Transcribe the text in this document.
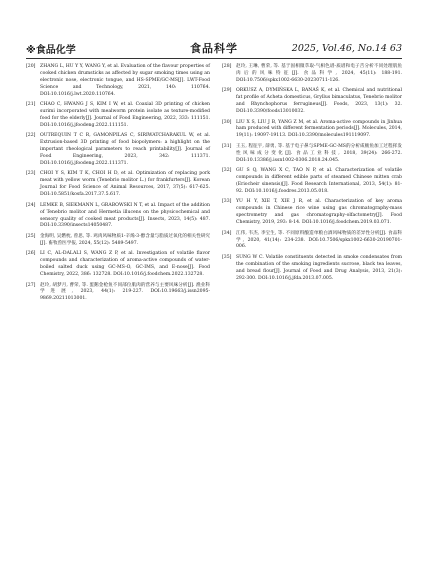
※食品化学	食品科学	2025, Vol.46, No.14 63
[20] ZHANG L, HU Y Y, WANG Y, et al. Evaluation of the flavour properties of cooked chicken drumsticks as affected by sugar smoking times using an electronic nose, electronic tongue, and HS-SPME/GC-MS[J]. LWT-Food Science and Technology, 2021, 140: 110764. DOI:10.1016/j.lwt.2020.110764.
[21] CHAO C, HWANG J S, KIM I W, et al. Coaxial 3D printing of chicken surimi incorporated with mealworm protein isolate as texture-modified food for the elderly[J]. Journal of Food Engineering, 2022, 333: 111151. DOI:10.1016/j.jfoodeng.2022.111151.
[22] OUTREQUIN T C R, GAMONPILAS C, SIRIWATCHARAKUL W, et al. Extrusion-based 3D printing of food biopolymers: a highlight on the important rheological parameters to reach printability[J]. Journal of Food Engineering, 2023, 342: 111371. DOI:10.1016/j.jfoodeng.2022.111371.
[23] CHOI Y S, KIM T K, CHOI H D, et al. Optimization of replacing pork meat with yellow worm (Tenebrio molitor L.) for frankfurters[J]. Korean Journal for Food Science of Animal Resources, 2017, 37(5): 617-625. DOI:10.5851/kosfa.2017.37.5.617.
[24] LEMKE B, SIEKMANN L, GRABOWSKI N T, et al. Impact of the addition of Tenebrio molitor and Hermetia illucens on the physicochemical and sensory quality of cooked meat products[J]. Insects, 2023, 14(5): 487. DOI:10.3390/insects14050487.
[25] 金海明, 吴燃枕, 曾思, 等. 鸡肉风味物质1-辛烯-3-醇含量与脂质过氧化的相关性研究[J]. 畜牧兽医学报, 2024, 55(12): 5489-5497.
[26] LI C, AL-DALALI S, WANG Z P, et al. Investigation of volatile flavor compounds and characterization of aroma-active compounds of water-boiled salted duck using GC-MS-O, GC-IMS, and E-nose[J]. Food Chemistry, 2022, 386: 132728. DOI:10.1016/j.foodchem.2022.132728.
[27] 赵玲, 胡梦月, 曹荣, 等. 蛋鹅金枪鱼不同部位肌肉的营养与主要风味分析[J]. 渔业科学进展, 2023, 44(1): 219-227. DOI:10.19663/j.issn2095-9869.20211013001.
[28] 赵玲, 王琳, 曹荣, 等. 基于固相微萃取-气相色谱-质谱和电子舌分析不同处理肌鱼肉后的风味特征[J]. 食品科学, 2024, 45(11): 188-191. DOI:10.7506/spkx1002-6630-20230711-126.
[29] ORKUSZ A, DYMIŃSKA L, BANAŚ K, et al. Chemical and nutritional fat profile of Acheta domesticus, Gryllus bimaculatus, Tenebrio molitor and Rhynchophorus ferrugineus[J]. Foods, 2023, 13(1): 32. DOI:10.3390/foods13010032.
[30] LIU X S, LIU J B, YANG Z M, et al. Aroma-active compounds in Jinhua ham produced with different fermentation periods[J]. Molecules, 2014, 19(11): 19097-19113. DOI:10.3390/molecules191119097.
[31] 王玉, 程征宇, 薛勇, 等. 基于电子鼻与SPME-GC-MS的分析咸鲅鱼加工过程挥发性风味成分变化[J]. 食品工业科技, 2018, 39(24): 266-272. DOI:10.13386/j.issn1002-0306.2018.24.045.
[32] GU S Q, WANG X C, TAO N P, et al. Characterization of volatile compounds in different edible parts of steamed Chinese mitten crab (Eriocheir sinensis)[J]. Food Research International, 2013, 54(1): 81-92. DOI:10.1016/j.foodres.2013.05.018.
[33] YU H Y, XIE T, XIE J R, et al. Characterization of key aroma compounds in Chinese rice wine using gas chromatography-mass spectrometry and gas chromatography-olfactometry[J]. Food Chemistry, 2019, 293: 8-14. DOI:10.1016/j.foodchem.2019.03.071.
[34] 江伟, 韦杰, 李宝生, 等. 不同原料酿造单粮白酒风味物质的差异性分析[J]. 食品科学, 2020, 41(14): 234-238. DOI:10.7506/spkx1002-6630-20190701-006.
[35] SUNG W C. Volatile constituents detected in smoke condensates from the combination of the smoking ingredients sucrose, black tea leaves, and bread flour[J]. Journal of Food and Drug Analysis, 2013, 21(3): 292-300. DOI:10.1016/j.jfda.2013.07.005.
